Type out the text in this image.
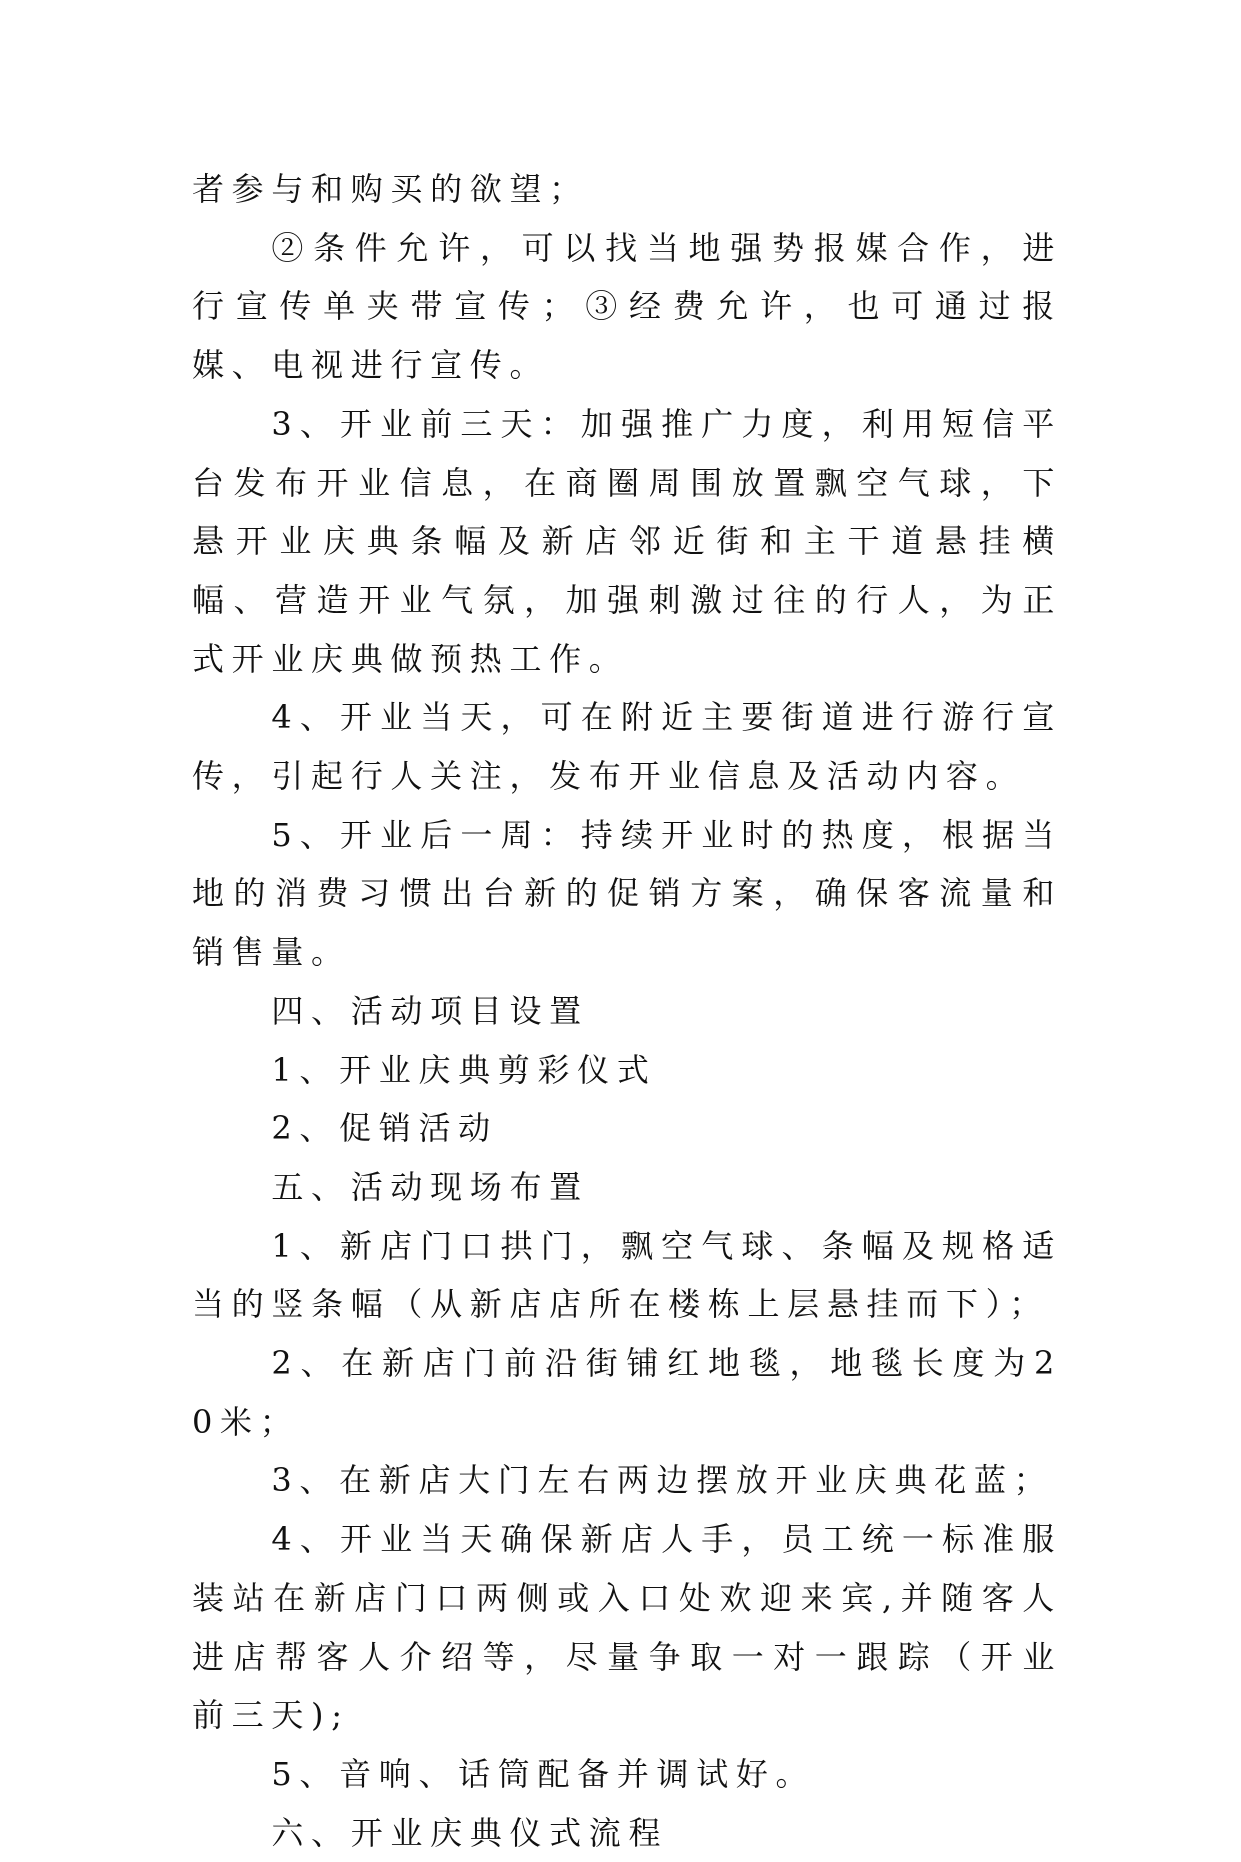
者参与和购买的欲望；

②条件允许，可以找当地强势报媒合作，进行宣传单夹带宣传；③经费允许，也可通过报媒、电视进行宣传。

3、开业前三天：加强推广力度，利用短信平台发布开业信息，在商圈周围放置飘空气球，下悬开业庆典条幅及新店邻近街和主干道悬挂横幅、营造开业气氛，加强刺激过往的行人，为正式开业庆典做预热工作。

4、开业当天，可在附近主要街道进行游行宣传，引起行人关注，发布开业信息及活动内容。

5、开业后一周：持续开业时的热度，根据当地的消费习惯出台新的促销方案，确保客流量和销售量。

四、活动项目设置

1、开业庆典剪彩仪式

2、促销活动

五、活动现场布置

1、新店门口拱门，飘空气球、条幅及规格适当的竖条幅（从新店店所在楼栋上层悬挂而下）；

2、在新店门前沿街铺红地毯，地毯长度为20米；

3、在新店大门左右两边摆放开业庆典花蓝；

4、开业当天确保新店人手，员工统一标准服装站在新店门口两侧或入口处欢迎来宾,并随客人进店帮客人介绍等，尽量争取一对一跟踪（开业前三天);

5、音响、话筒配备并调试好。

六、开业庆典仪式流程
